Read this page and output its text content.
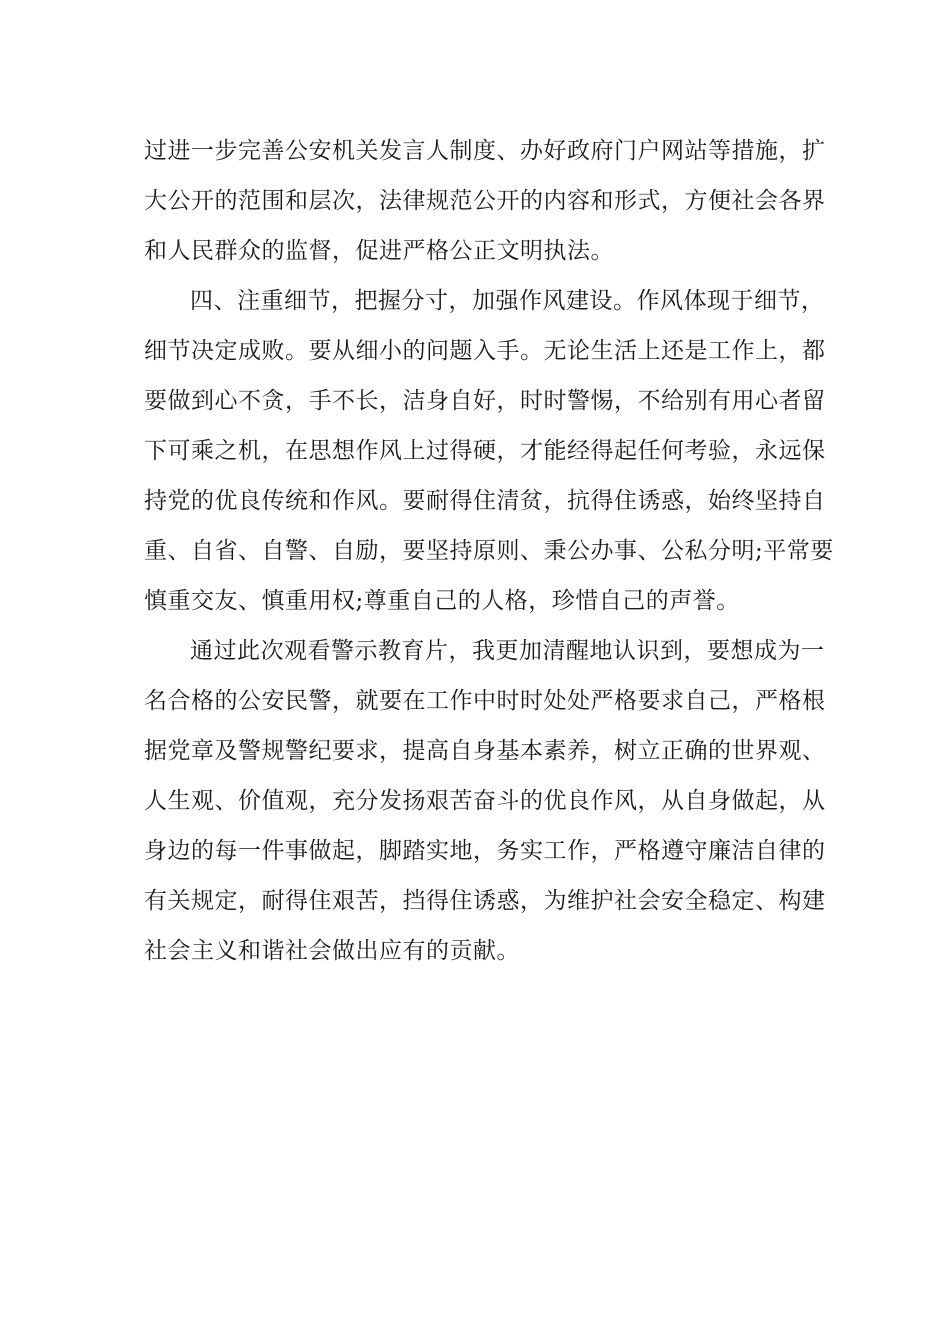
过进一步完善公安机关发言人制度、办好政府门户网站等措施，扩
大公开的范围和层次，法律规范公开的内容和形式，方便社会各界
和人民群众的监督，促进严格公正文明执法。
四、注重细节，把握分寸，加强作风建设。作风体现于细节，
细节决定成败。要从细小的问题入手。无论生活上还是工作上，都
要做到心不贪，手不长，洁身自好，时时警惕，不给别有用心者留
下可乘之机，在思想作风上过得硬，才能经得起任何考验，永远保
持党的优良传统和作风。要耐得住清贫，抗得住诱惑，始终坚持自
重、自省、自警、自励，要坚持原则、秉公办事、公私分明;平常要
慎重交友、慎重用权;尊重自己的人格，珍惜自己的声誉。
通过此次观看警示教育片，我更加清醒地认识到，要想成为一
名合格的公安民警，就要在工作中时时处处严格要求自己，严格根
据党章及警规警纪要求，提高自身基本素养，树立正确的世界观、
人生观、价值观，充分发扬艰苦奋斗的优良作风，从自身做起，从
身边的每一件事做起，脚踏实地，务实工作，严格遵守廉洁自律的
有关规定，耐得住艰苦，挡得住诱惑，为维护社会安全稳定、构建
社会主义和谐社会做出应有的贡献。
